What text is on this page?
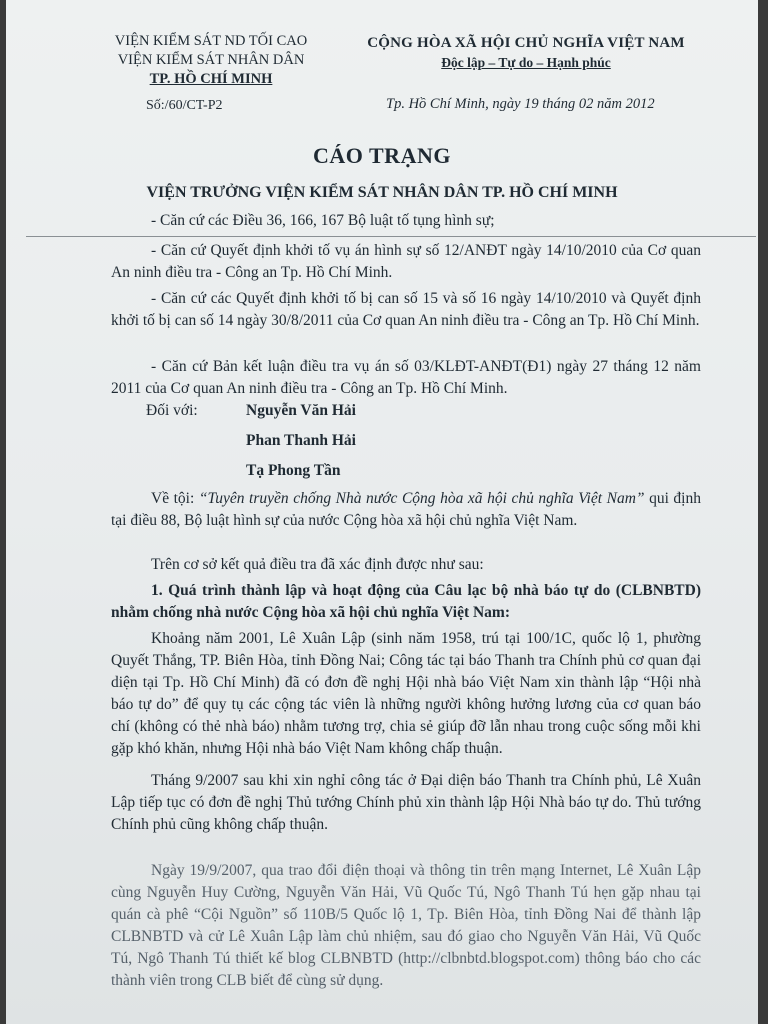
VIỆN KIỂM SÁT ND TỐI CAO
VIỆN KIỂM SÁT NHÂN DÂN
TP. HỒ CHÍ MINH
CỘNG HÒA XÃ HỘI CHỦ NGHĨA VIỆT NAM
Độc lập – Tự do – Hạnh phúc
Số:/60/CT-P2	Tp. Hồ Chí Minh, ngày 19 tháng 02 năm 2012
CÁO TRẠNG
VIỆN TRƯỞNG VIỆN KIỂM SÁT NHÂN DÂN TP. HỒ CHÍ MINH
- Căn cứ các Điều 36, 166, 167 Bộ luật tố tụng hình sự;
- Căn cứ Quyết định khởi tố vụ án hình sự số 12/ANĐT ngày 14/10/2010 của Cơ quan An ninh điều tra - Công an Tp. Hồ Chí Minh.
- Căn cứ các Quyết định khởi tố bị can số 15 và số 16 ngày 14/10/2010 và Quyết định khởi tố bị can số 14 ngày 30/8/2011 của Cơ quan An ninh điều tra - Công an Tp. Hồ Chí Minh.
- Căn cứ Bản kết luận điều tra vụ án số 03/KLĐT-ANĐT(Đ1) ngày 27 tháng 12 năm 2011 của Cơ quan An ninh điều tra - Công an Tp. Hồ Chí Minh.
Đối với:	Nguyễn Văn Hải
Phan Thanh Hải
Tạ Phong Tần
Về tội: “Tuyên truyền chống Nhà nước Cộng hòa xã hội chủ nghĩa Việt Nam” qui định tại điều 88, Bộ luật hình sự của nước Cộng hòa xã hội chủ nghĩa Việt Nam.
Trên cơ sở kết quả điều tra đã xác định được như sau:
1. Quá trình thành lập và hoạt động của Câu lạc bộ nhà báo tự do (CLBNBTD) nhằm chống nhà nước Cộng hòa xã hội chủ nghĩa Việt Nam:
Khoảng năm 2001, Lê Xuân Lập (sinh năm 1958, trú tại 100/1C, quốc lộ 1, phường Quyết Thắng, TP. Biên Hòa, tỉnh Đồng Nai; Công tác tại báo Thanh tra Chính phủ cơ quan đại diện tại Tp. Hồ Chí Minh) đã có đơn đề nghị Hội nhà báo Việt Nam xin thành lập “Hội nhà báo tự do” để quy tụ các cộng tác viên là những người không hưởng lương của cơ quan báo chí (không có thẻ nhà báo) nhằm tương trợ, chia sẻ giúp đỡ lẫn nhau trong cuộc sống mỗi khi gặp khó khăn, nhưng Hội nhà báo Việt Nam không chấp thuận.
Tháng 9/2007 sau khi xin nghỉ công tác ở Đại diện báo Thanh tra Chính phủ, Lê Xuân Lập tiếp tục có đơn đề nghị Thủ tướng Chính phủ xin thành lập Hội Nhà báo tự do. Thủ tướng Chính phủ cũng không chấp thuận.
Ngày 19/9/2007, qua trao đổi điện thoại và thông tin trên mạng Internet, Lê Xuân Lập cùng Nguyễn Huy Cường, Nguyễn Văn Hải, Vũ Quốc Tú, Ngô Thanh Tú hẹn gặp nhau tại quán cà phê “Cội Nguồn” số 110B/5 Quốc lộ 1, Tp. Biên Hòa, tỉnh Đồng Nai để thành lập CLBNBTD và cử Lê Xuân Lập làm chủ nhiệm, sau đó giao cho Nguyễn Văn Hải, Vũ Quốc Tú, Ngô Thanh Tú thiết kế blog CLBNBTD (http://clbnbtd.blogspot.com) thông báo cho các thành viên trong CLB biết để cùng sử dụng.
